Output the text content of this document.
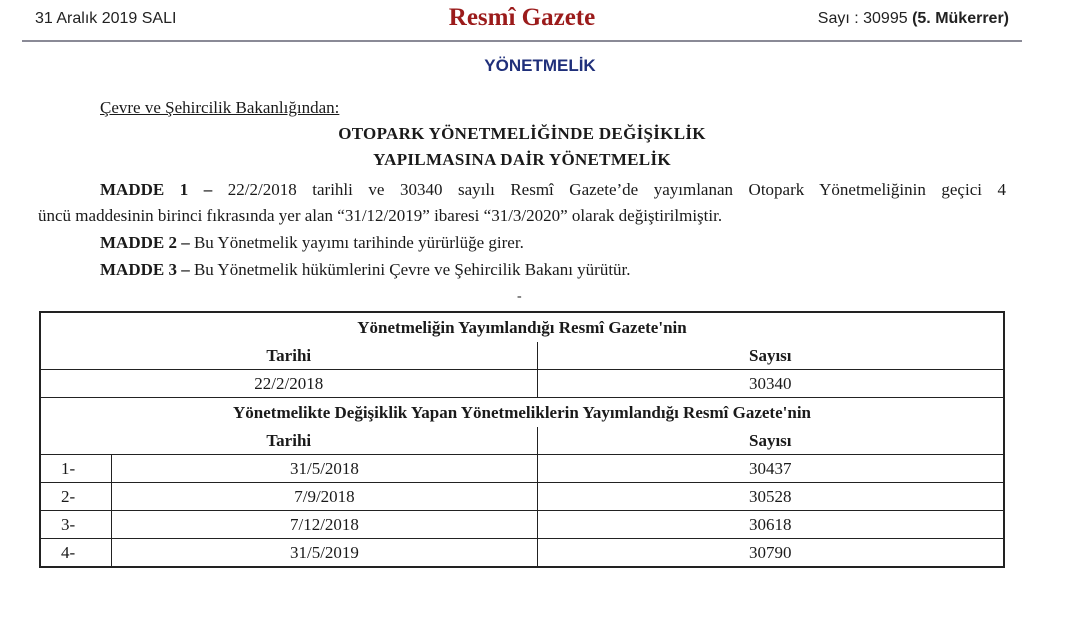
31 Aralık 2019 SALI	Resmî Gazete	Sayı : 30995 (5. Mükerrer)
YÖNETMELİK
Çevre ve Şehircilik Bakanlığından:
OTOPARK YÖNETMELİĞİNDE DEĞİŞİKLİK
YAPILMASINA DAİR YÖNETMELİK
MADDE 1 – 22/2/2018 tarihli ve 30340 sayılı Resmî Gazete’de yayımlanan Otopark Yönetmeliğinin geçici 4
üncü maddesinin birinci fıkrasında yer alan “31/12/2019” ibaresi “31/3/2020” olarak değiştirilmiştir.
MADDE 2 – Bu Yönetmelik yayımı tarihinde yürürlüğe girer.
MADDE 3 – Bu Yönetmelik hükümlerini Çevre ve Şehircilik Bakanı yürütür.
-
Yönetmeliğin Yayımlandığı Resmî Gazete'nin		
Tarihi		Sayısı
22/2/2018		30340
Yönetmelikte Değişiklik Yapan Yönetmeliklerin Yayımlandığı Resmî Gazete'nin		
Tarihi		Sayısı
1-	31/5/2018	30437
2-	7/9/2018	30528
3-	7/12/2018	30618
4-	31/5/2019	30790
